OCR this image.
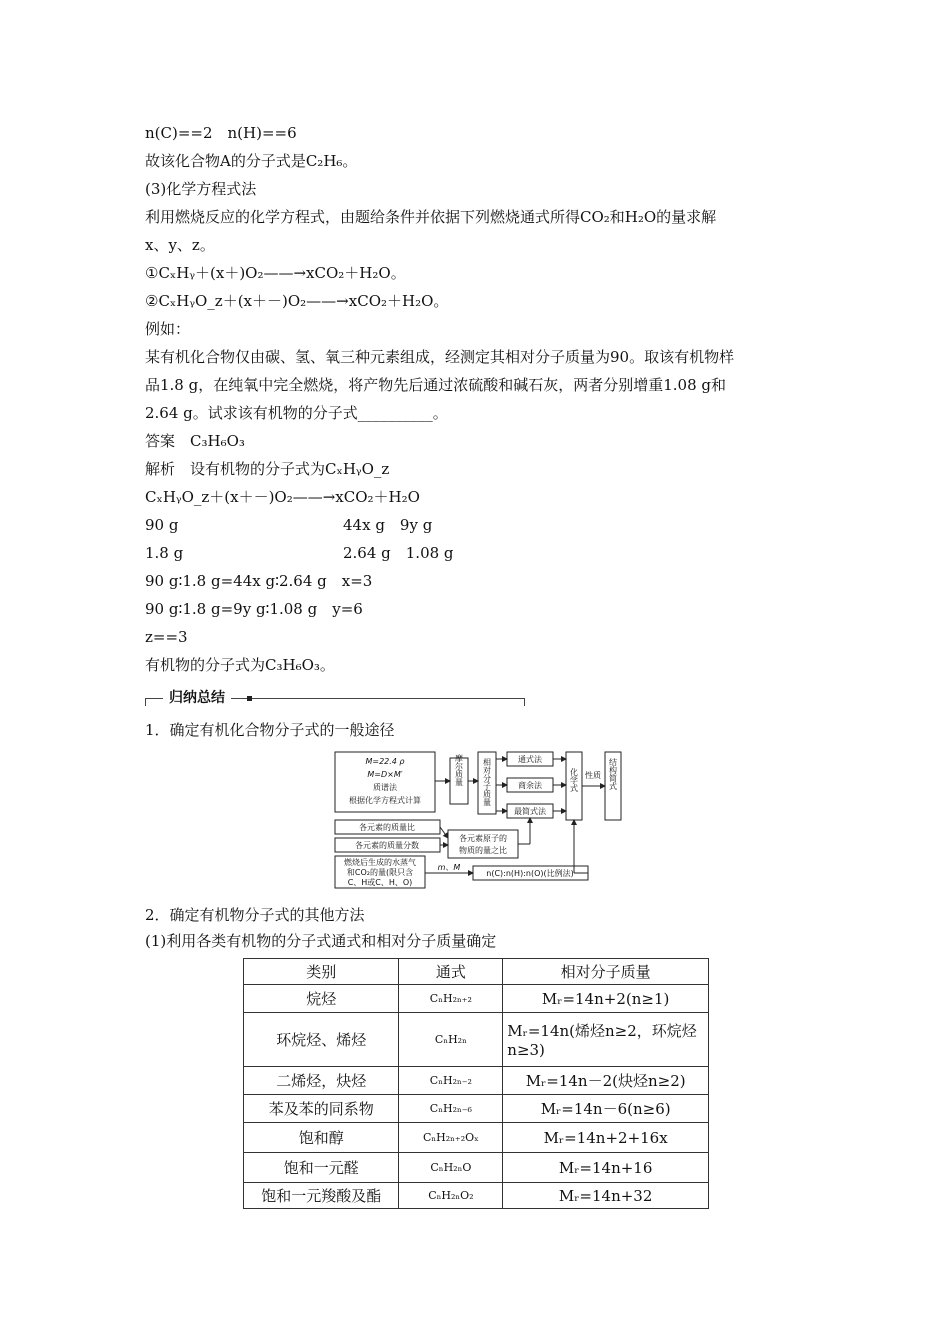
n(C)==2　n(H)==6
故该化合物A的分子式是C₂H₆。
(3)化学方程式法
利用燃烧反应的化学方程式，由题给条件并依据下列燃烧通式所得CO₂和H₂O的量求解
x、y、z。
①CₓHᵧ＋(x＋)O₂——→xCO₂＋H₂O。
②CₓHᵧO_z＋(x＋－)O₂——→xCO₂＋H₂O。
例如：
某有机化合物仅由碳、氢、氧三种元素组成，经测定其相对分子质量为90。取该有机物样
品1.8 g，在纯氧中完全燃烧，将产物先后通过浓硫酸和碱石灰，两者分别增重1.08 g和
2.64 g。试求该有机物的分子式__________。
答案　C₃H₆O₃
解析　设有机物的分子式为CₓHᵧO_z
CₓHᵧO_z＋(x＋－)O₂——→xCO₂＋H₂O
90 g	44x g　9y g
1.8 g	2.64 g　1.08 g
90 g∶1.8 g=44x g∶2.64 g　x=3
90 g∶1.8 g=9y g∶1.08 g　y=6
z==3
有机物的分子式为C₃H₆O₃。
归纳总结
1．确定有机化合物分子式的一般途径
M=22.4 ρ
M=D×M′
质谱法
根据化学方程式计算
摩尔质量 相对分子质量	通式法
商余法
最简式法
化学式 性质 结构简式
各元素的质量比
各元素的质量分数
各元素原子的
物质的量之比
燃烧后生成的水蒸气
和CO₂的量(限只含
C、H或C、H、O)
m、M
n(C):n(H):n(O)(比例法)
2．确定有机物分子式的其他方法
(1)利用各类有机物的分子式通式和相对分子质量确定
类别	通式	相对分子质量
烷烃	CₙH₂ₙ₊₂	Mᵣ=14n+2(n≥1)
环烷烃、烯烃	CₙH₂ₙ	Mᵣ=14n(烯烃n≥2，环烷烃n≥3)
二烯烃，炔烃	CₙH₂ₙ₋₂	Mᵣ=14n－2(炔烃n≥2)
苯及苯的同系物	CₙH₂ₙ₋₆	Mᵣ=14n－6(n≥6)
饱和醇	CₙH₂ₙ₊₂Oₓ	Mᵣ=14n+2+16x
饱和一元醛	CₙH₂ₙO	Mᵣ=14n+16
饱和一元羧酸及酯	CₙH₂ₙO₂	Mᵣ=14n+32
